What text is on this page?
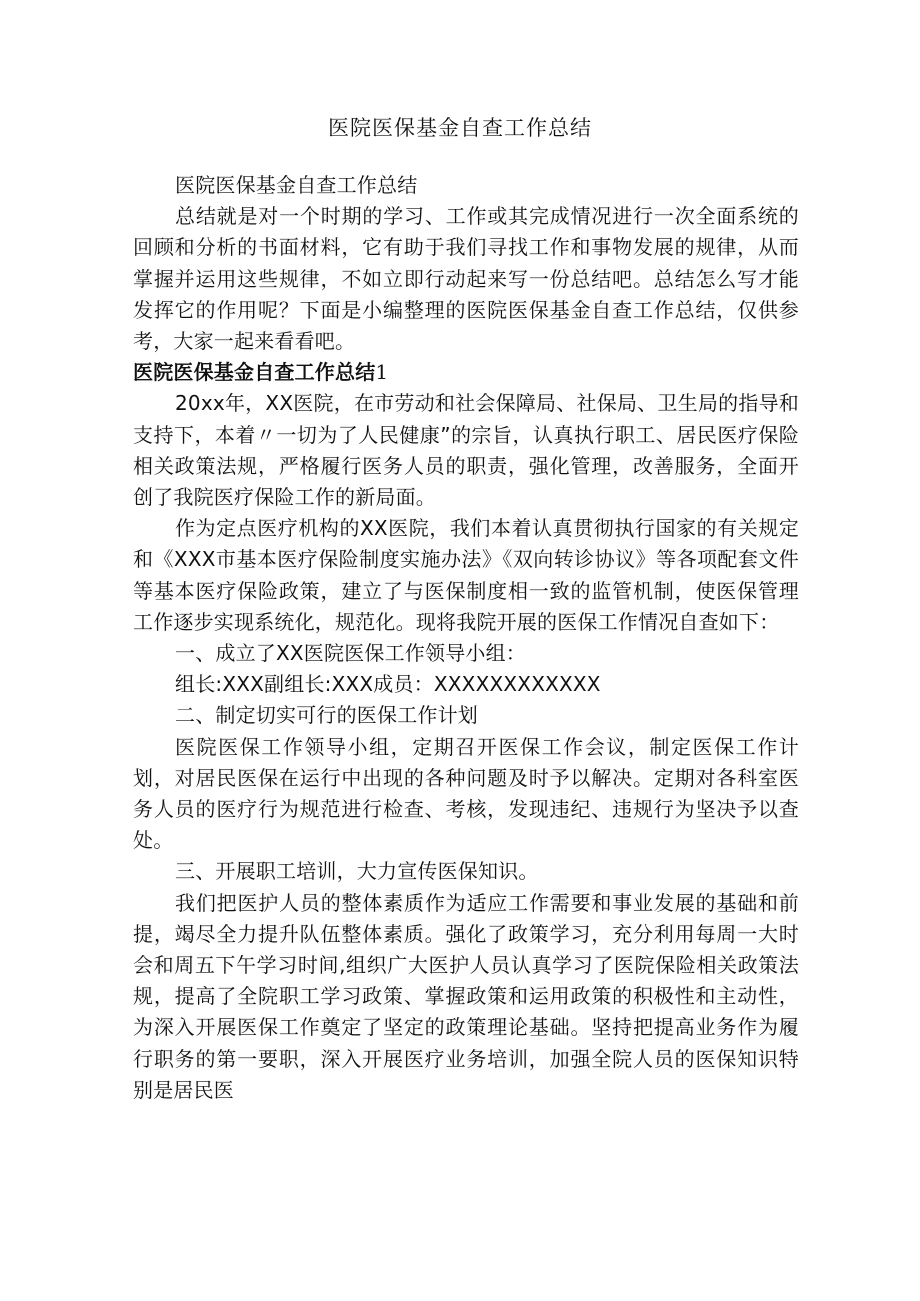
医院医保基金自查工作总结

医院医保基金自查工作总结

总结就是对一个时期的学习、工作或其完成情况进行一次全面系统的回顾和分析的书面材料，它有助于我们寻找工作和事物发展的规律，从而掌握并运用这些规律，不如立即行动起来写一份总结吧。总结怎么写才能发挥它的作用呢？下面是小编整理的医院医保基金自查工作总结，仅供参考，大家一起来看看吧。

医院医保基金自查工作总结1

20xx年，XX医院，在市劳动和社会保障局、社保局、卫生局的指导和支持下，本着〃一切为了人民健康”的宗旨，认真执行职工、居民医疗保险相关政策法规，严格履行医务人员的职责，强化管理，改善服务，全面开创了我院医疗保险工作的新局面。

作为定点医疗机构的XX医院，我们本着认真贯彻执行国家的有关规定和《XXX市基本医疗保险制度实施办法》《双向转诊协议》等各项配套文件等基本医疗保险政策，建立了与医保制度相一致的监管机制，使医保管理工作逐步实现系统化，规范化。现将我院开展的医保工作情况自查如下：

一、成立了XX医院医保工作领导小组：

组长:XXX副组长:XXX成员：XXXXXXXXXXXX

二、制定切实可行的医保工作计划

医院医保工作领导小组，定期召开医保工作会议，制定医保工作计划，对居民医保在运行中出现的各种问题及时予以解决。定期对各科室医务人员的医疗行为规范进行检查、考核，发现违纪、违规行为坚决予以查处。

三、开展职工培训，大力宣传医保知识。

我们把医护人员的整体素质作为适应工作需要和事业发展的基础和前提，竭尽全力提升队伍整体素质。强化了政策学习，充分利用每周一大时会和周五下午学习时间,组织广大医护人员认真学习了医院保险相关政策法规，提高了全院职工学习政策、掌握政策和运用政策的积极性和主动性，为深入开展医保工作奠定了坚定的政策理论基础。坚持把提高业务作为履行职务的第一要职，深入开展医疗业务培训，加强全院人员的医保知识特别是居民医
